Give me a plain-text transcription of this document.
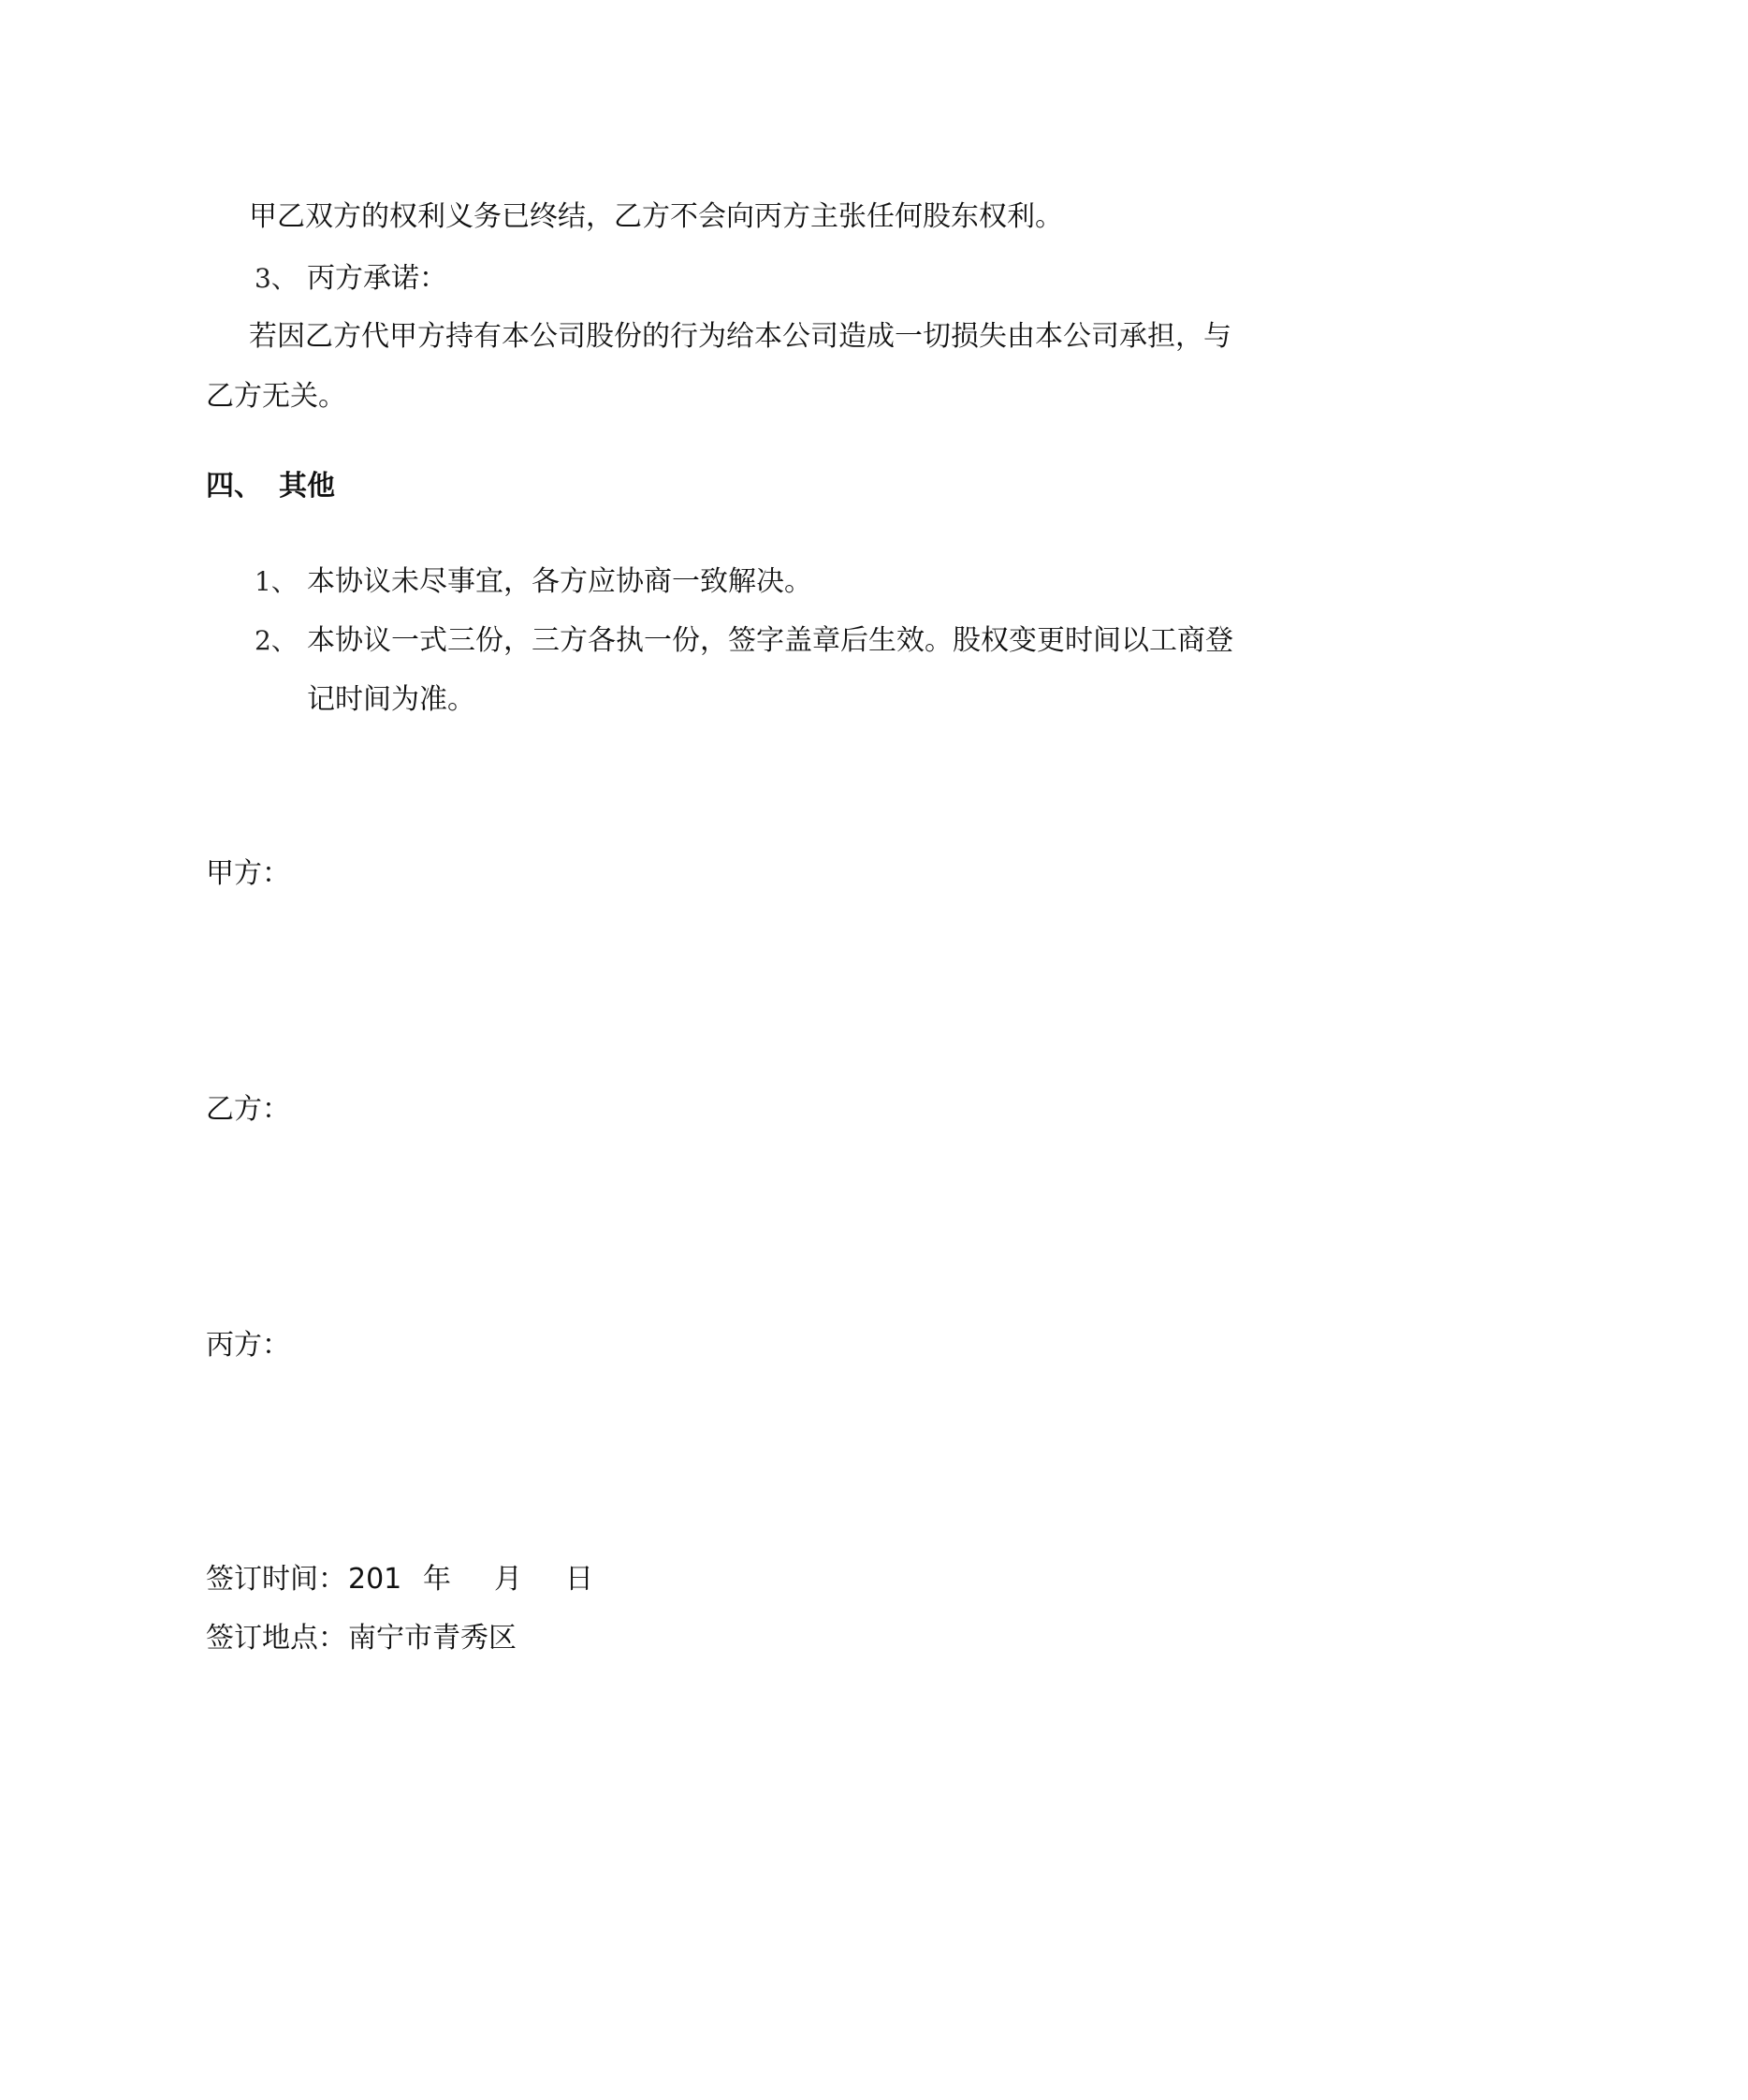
甲乙双方的权利义务已终结，乙方不会向丙方主张任何股东权利。
3、 丙方承诺：
若因乙方代甲方持有本公司股份的行为给本公司造成一切损失由本公司承担，与
乙方无关。
四、 其他
1、 本协议未尽事宜，各方应协商一致解决。
2、 本协议一式三份，三方各执一份，签字盖章后生效。股权变更时间以工商登
记时间为准。
甲方：
乙方：
丙方：
签订时间： 201 年 月 日
签订地点： 南宁市青秀区
